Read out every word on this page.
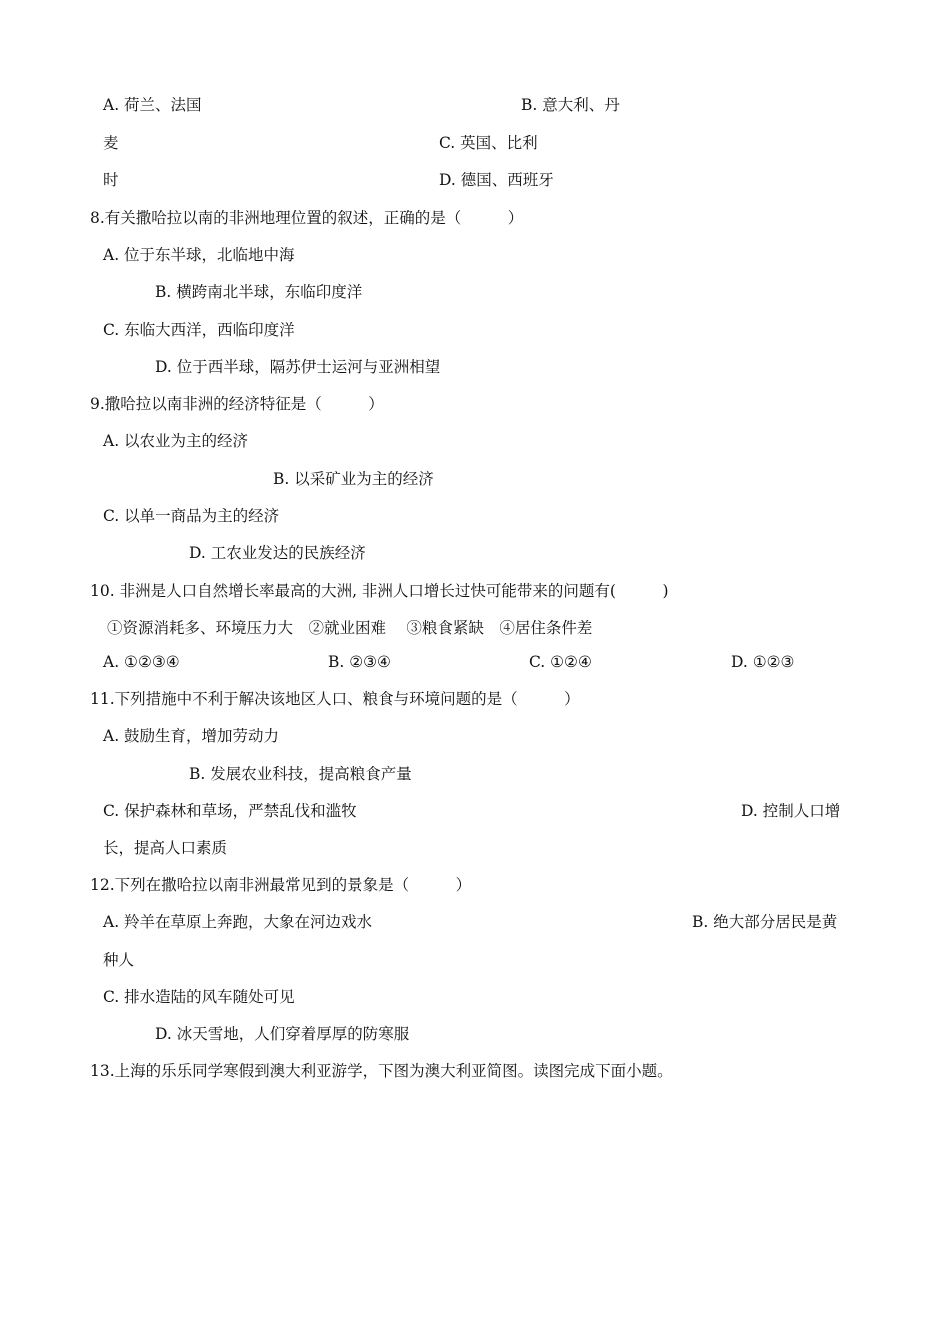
A. 荷兰、法国	B. 意大利、丹
麦	C. 英国、比利
时	D. 德国、西班牙
8.有关撒哈拉以南的非洲地理位置的叙述，正确的是（　　　）
A. 位于东半球，北临地中海
B. 横跨南北半球，东临印度洋
C. 东临大西洋，西临印度洋
D. 位于西半球，隔苏伊士运河与亚洲相望
9.撒哈拉以南非洲的经济特征是（　　　）
A. 以农业为主的经济
B. 以采矿业为主的经济
C. 以单一商品为主的经济
D. 工农业发达的民族经济
10. 非洲是人口自然增长率最高的大洲, 非洲人口增长过快可能带来的问题有(　　　)
①资源消耗多、环境压力大　②就业困难　 ③粮食紧缺　④居住条件差
A. ①②③④	B. ②③④	C. ①②④	D. ①②③
11.下列措施中不利于解决该地区人口、粮食与环境问题的是（　　　）
A. 鼓励生育，增加劳动力
B. 发展农业科技，提高粮食产量
C. 保护森林和草场，严禁乱伐和滥牧	D. 控制人口增
长，提高人口素质
12.下列在撒哈拉以南非洲最常见到的景象是（　　　）
A. 羚羊在草原上奔跑，大象在河边戏水	B. 绝大部分居民是黄
种人
C. 排水造陆的风车随处可见
D. 冰天雪地，人们穿着厚厚的防寒服
13.上海的乐乐同学寒假到澳大利亚游学，下图为澳大利亚简图。读图完成下面小题。
